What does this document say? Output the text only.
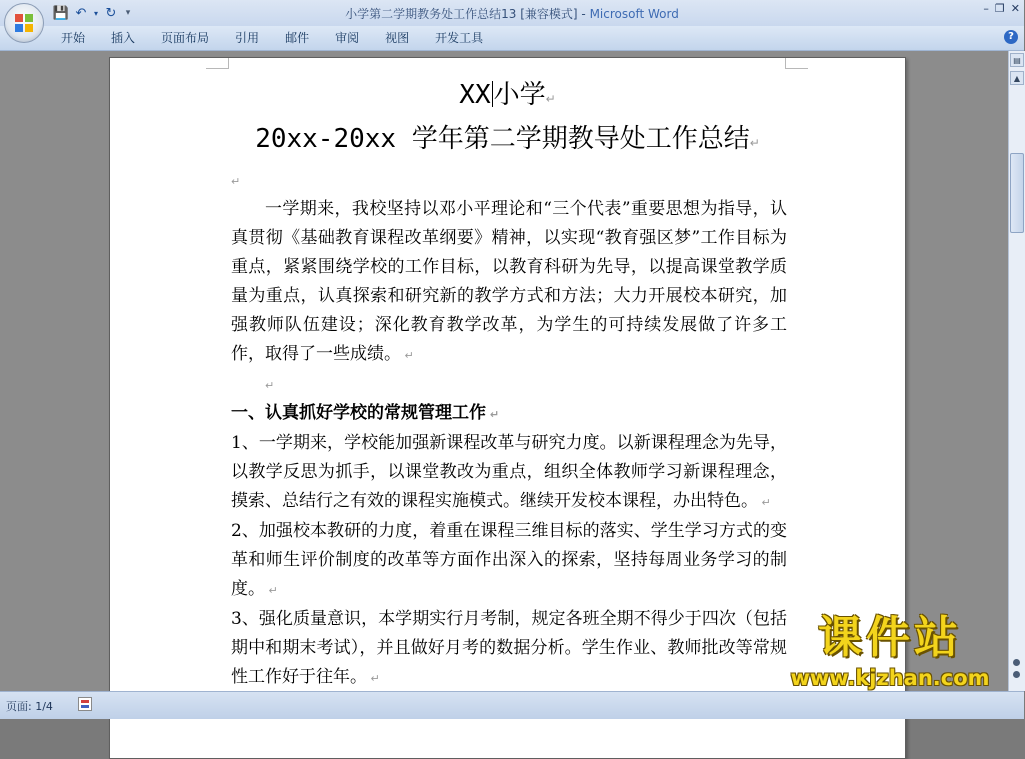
💾 ↶ ▾ ↻	▾	小学第二学期教务处工作总结13 [兼容模式] - Microsoft Word	– ❐ ✕
开始	插入	页面布局	引用	邮件	审阅	视图	开发工具	?
XX 小学↵
20xx-20xx 学年第二学期教导处工作总结↵

↵

一学期来，我校坚持以邓小平理论和“三个代表”重要思想为指导，认真贯彻《基础教育课程改革纲要》精神，以实现“教育强区梦”工作目标为重点，紧紧围绕学校的工作目标，以教育科研为先导，以提高课堂教学质量为重点，认真探索和研究新的教学方式和方法；大力开展校本研究，加强教师队伍建设；深化教育教学改革，为学生的可持续发展做了许多工作，取得了一些成绩。 ↵

↵

一、认真抓好学校的常规管理工作 ↵

1、一学期来，学校能加强新课程改革与研究力度。以新课程理念为先导，以教学反思为抓手，以课堂教改为重点，组织全体教师学习新课程理念，摸索、总结行之有效的课程实施模式。继续开发校本课程，办出特色。 ↵

2、加强校本教研的力度，着重在课程三维目标的落实、学生学习方式的变革和师生评价制度的改革等方面作出深入的探索，坚持每周业务学习的制度。 ↵

3、强化质量意识，本学期实行月考制，规定各班全期不得少于四次（包括期中和期末考试），并且做好月考的数据分析。学生作业、教师批改等常规性工作好于往年。 ↵

▤
▲
课件站
www.kjzhan.com
页面: 1/4
